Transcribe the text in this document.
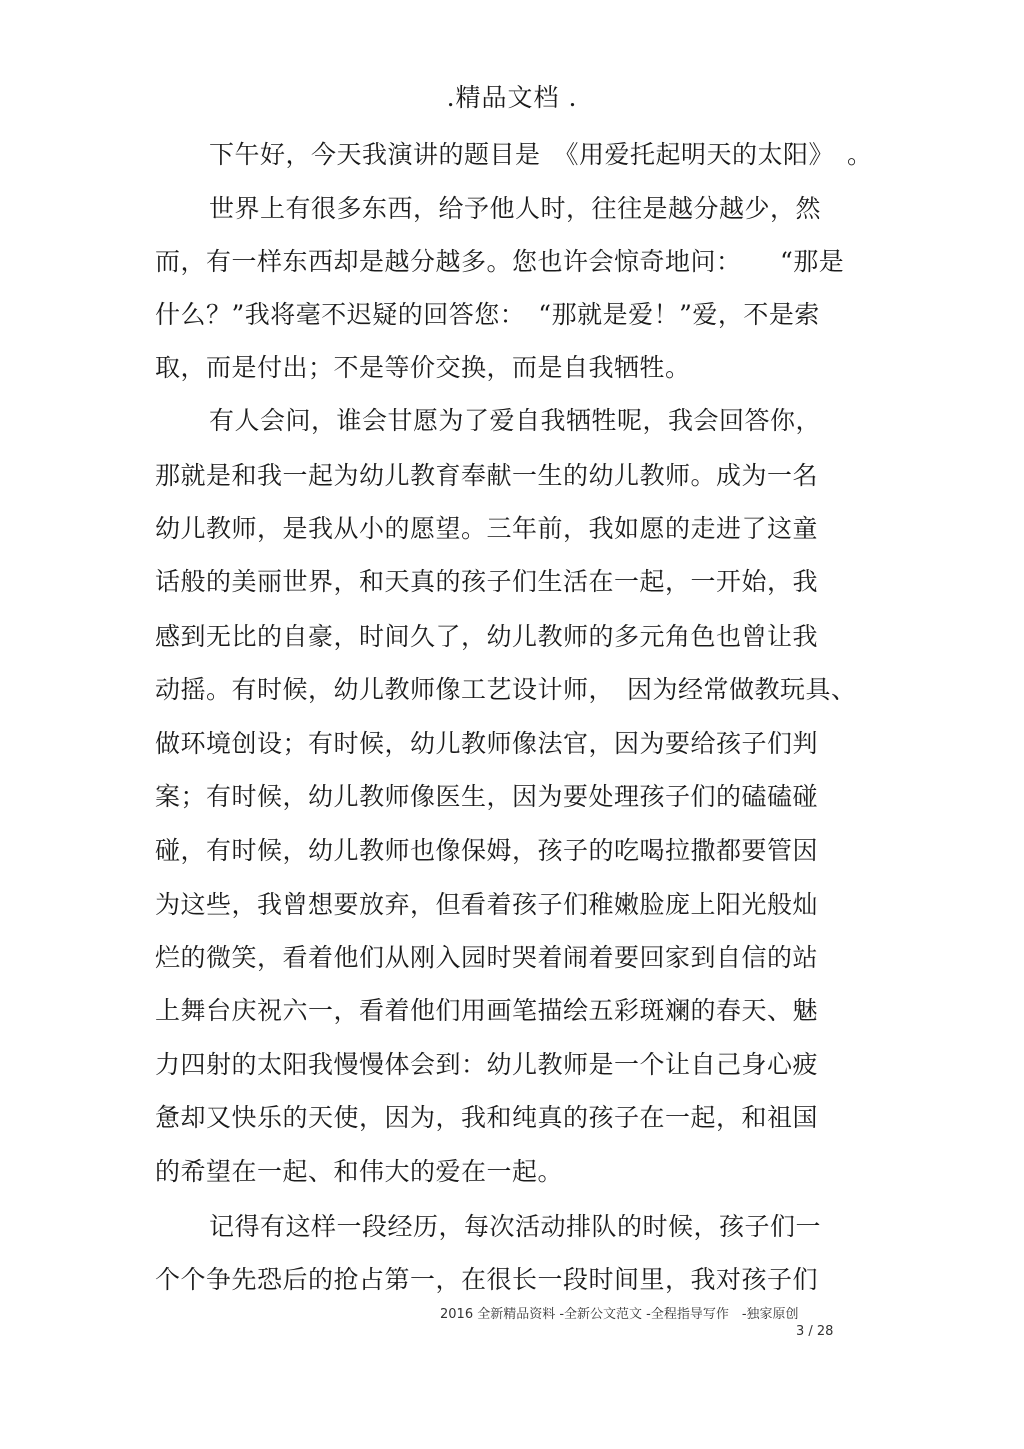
.精品文档 .
下午好，今天我演讲的题目是　《用爱托起明天的太阳》　。
世界上有很多东西，给予他人时，往往是越分越少，然
而，有一样东西却是越分越多。您也许会惊奇地问：　　“那是
什么？”我将毫不迟疑的回答您：　“那就是爱！”爱，不是索
取，而是付出；不是等价交换，而是自我牺牲。
有人会问，谁会甘愿为了爱自我牺牲呢，我会回答你，
那就是和我一起为幼儿教育奉献一生的幼儿教师。成为一名
幼儿教师，是我从小的愿望。三年前，我如愿的走进了这童
话般的美丽世界，和天真的孩子们生活在一起，一开始，我
感到无比的自豪，时间久了，幼儿教师的多元角色也曾让我
动摇。有时候，幼儿教师像工艺设计师，　因为经常做教玩具、
做环境创设；有时候，幼儿教师像法官，因为要给孩子们判
案；有时候，幼儿教师像医生，因为要处理孩子们的磕磕碰
碰，有时候，幼儿教师也像保姆，孩子的吃喝拉撒都要管因
为这些，我曾想要放弃，但看着孩子们稚嫩脸庞上阳光般灿
烂的微笑，看着他们从刚入园时哭着闹着要回家到自信的站
上舞台庆祝六一，看着他们用画笔描绘五彩斑斓的春天、魅
力四射的太阳我慢慢体会到：幼儿教师是一个让自己身心疲
惫却又快乐的天使，因为，我和纯真的孩子在一起，和祖国
的希望在一起、和伟大的爱在一起。
记得有这样一段经历，每次活动排队的时候，孩子们一
个个争先恐后的抢占第一，在很长一段时间里，我对孩子们
2016 全新精品资料 -全新公文范文 -全程指导写作　-独家原创
3 / 28
